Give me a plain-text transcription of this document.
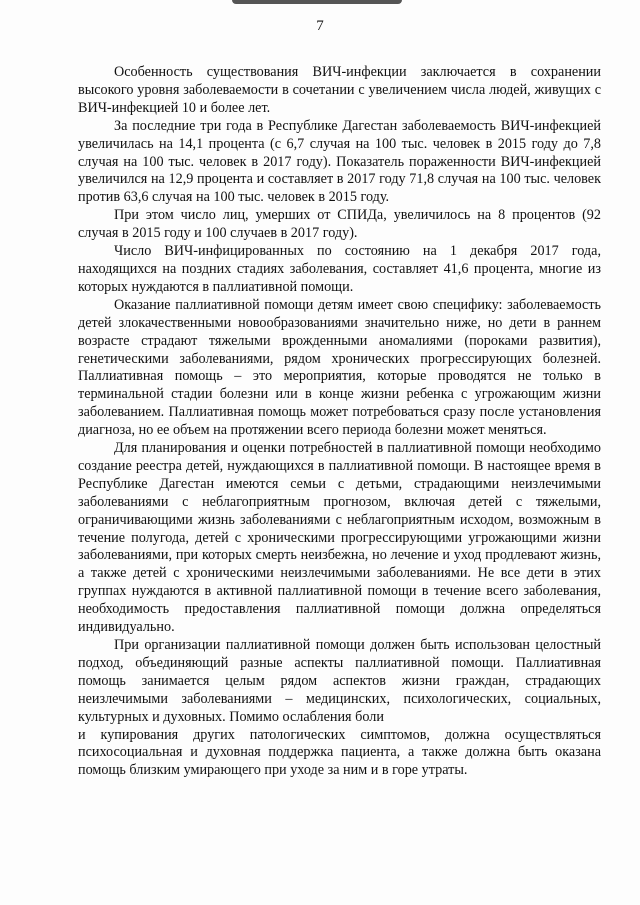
7

Особенность существования ВИЧ-инфекции заключается в сохранении высокого уровня заболеваемости в сочетании с увеличением числа людей, живущих с ВИЧ-инфекцией 10 и более лет.

За последние три года в Республике Дагестан заболеваемость ВИЧ-инфекцией увеличилась на 14,1 процента (с 6,7 случая на 100 тыс. человек в 2015 году до 7,8 случая на 100 тыс. человек в 2017 году). Показатель пораженности ВИЧ-инфекцией увеличился на 12,9 процента и составляет в 2017 году 71,8 случая на 100 тыс. человек против 63,6 случая на 100 тыс. человек в 2015 году.

При этом число лиц, умерших от СПИДа, увеличилось на 8 процентов (92 случая в 2015 году и 100 случаев в 2017 году).

Число ВИЧ-инфицированных по состоянию на 1 декабря 2017 года, находящихся на поздних стадиях заболевания, составляет 41,6 процента, многие из которых нуждаются в паллиативной помощи.

Оказание паллиативной помощи детям имеет свою специфику: заболеваемость детей злокачественными новообразованиями значительно ниже, но дети в раннем возрасте страдают тяжелыми врожденными аномалиями (пороками развития), генетическими заболеваниями, рядом хронических прогрессирующих болезней. Паллиативная помощь – это мероприятия, которые проводятся не только в терминальной стадии болезни или в конце жизни ребенка с угрожающим жизни заболеванием. Паллиативная помощь может потребоваться сразу после установления диагноза, но ее объем на протяжении всего периода болезни может меняться.

Для планирования и оценки потребностей в паллиативной помощи необходимо создание реестра детей, нуждающихся в паллиативной помощи. В настоящее время в Республике Дагестан имеются семьи с детьми, страдающими неизлечимыми заболеваниями с неблагоприятным прогнозом, включая детей с тяжелыми, ограничивающими жизнь заболеваниями с неблагоприятным исходом, возможным в течение полугода, детей с хроническими прогрессирующими угрожающими жизни заболеваниями, при которых смерть неизбежна, но лечение и уход продлевают жизнь, а также детей с хроническими неизлечимыми заболеваниями. Не все дети в этих группах нуждаются в активной паллиативной помощи в течение всего заболевания, необходимость предоставления паллиативной помощи должна определяться индивидуально.

При организации паллиативной помощи должен быть использован целостный подход, объединяющий разные аспекты паллиативной помощи. Паллиативная помощь занимается целым рядом аспектов жизни граждан, страдающих неизлечимыми заболеваниями – медицинских, психологических, социальных, культурных и духовных. Помимо ослабления боли

и купирования других патологических симптомов, должна осуществляться психосоциальная и духовная поддержка пациента, а также должна быть оказана помощь близким умирающего при уходе за ним и в горе утраты.
